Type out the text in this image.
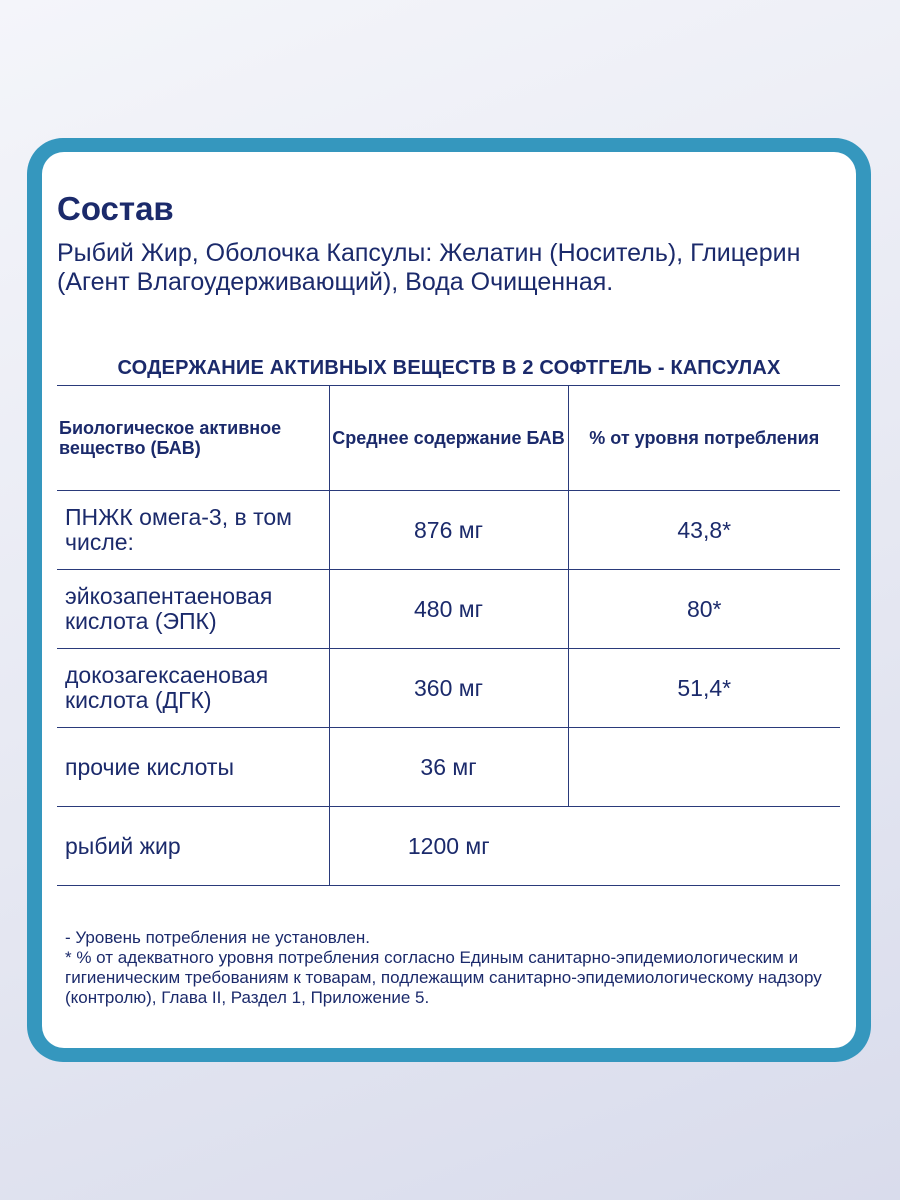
Состав

Рыбий Жир, Оболочка Капсулы: Желатин (Носитель), Глицерин (Агент Влагоудерживающий), Вода Очищенная.

СОДЕРЖАНИЕ АКТИВНЫХ ВЕЩЕСТВ В 2 СОФТГЕЛЬ - КАПСУЛАХ
Биологическое активное вещество (БАВ)	Среднее содержание БАВ	% от уровня потребления
ПНЖК омега-3, в том числе:	876 мг	43,8*
эйкозапентаеновая кислота (ЭПК)	480 мг	80*
докозагексаеновая кислота (ДГК)	360 мг	51,4*
прочие кислоты	36 мг	
рыбий жир	1200 мг	

- Уровень потребления не установлен.

* % от адекватного уровня потребления согласно Единым санитарно-эпидемиологическим и гигиеническим требованиям к товарам, подлежащим санитарно-эпидемиологическому надзору (контролю), Глава II, Раздел 1, Приложение 5.
